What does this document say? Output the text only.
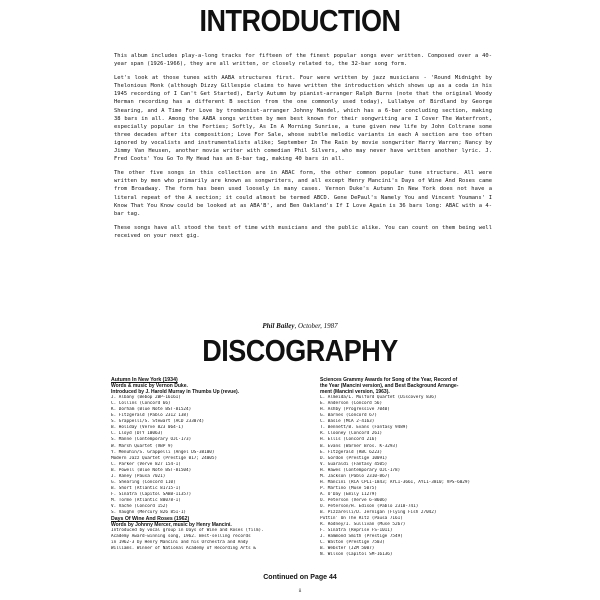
INTRODUCTION

This album includes play-a-long tracks for fifteen of the finest popular songs ever written. Composed over a 40-year span (1926-1966), they are all written, or closely related to, the 32-bar song form.

Let's look at those tunes with AABA structures first. Four were written by jazz musicians - 'Round Midnight by Thelonious Monk (although Dizzy Gillespie claims to have written the introduction which shows up as a coda in his 1945 recording of I Can't Get Started), Early Autumn by pianist-arranger Ralph Burns (note that the original Woody Herman recording has a different B section from the one commonly used today), Lullabye of Birdland by George Shearing, and A Time For Love by trombonist-arranger Johnny Mandel, which has a 6-bar concluding section, making 38 bars in all. Among the AABA songs written by men best known for their songwriting are I Cover The Waterfront, especially popular in the Forties; Softly, As In A Morning Sunrise, a tune given new life by John Coltrane some three decades after its composition; Love For Sale, whose subtle melodic variants in each A section are too often ignored by vocalists and instrumentalists alike; September In The Rain by movie songwriter Harry Warren; Nancy by Jimmy Van Heusen, another movie writer with comedian Phil Silvers, who may never have written another lyric. J. Fred Coots' You Go To My Head has an 8-bar tag, making 40 bars in all.

The other five songs in this collection are in ABAC form, the other common popular tune structure. All were written by men who primarily are known as songwriters, and all except Henry Mancini's Days of Wine And Roses came from Broadway. The form has been used loosely in many cases. Vernon Duke's Autumn In New York does not have a literal repeat of the A section; it could almost be termed ABCD. Gene DePaul's Namely You and Vincent Youmans' I Know That You Know could be looked at as ABA'B', and Ben Oakland's If I Love Again is 36 bars long: ABAC with a 4-bar tag.

These songs have all stood the test of time with musicians and the public alike. You can count on them being well received on your next gig.

Phil Bailey, October, 1987
DISCOGRAPHY
Autumn In New York (1934)
Words & music by Vernon Duke.
Introduced by J. Harold Murray in Thumbs Up (revue).
J. Albany (Bebop 2BP-16161)
C. Collins (Concord 66)
K. Dorham (Blue Note BST-81524)
E. Fitzgerald (Pablo 2312 138)
S. Grappelli/S. Stewart (ACD 233074)
B. Holiday (Verve 823 064-1)
C. Lloyd (DTY 10063)
S. Manne (Contemporary OJC-173)
W. Marsh Quartet (VBP 9)
Y. Menuhin/S. Grappelli (Angel DS-38100)
Modern Jazz Quartet (Prestige 017; 24005)
C. Parker (Verve 827 154-1)
B. Powell (Blue Note BST-81504)
J. Raney (Pausa 7021)
G. Shearing (Concord 110)
B. Short (Atlantic 81715-1)
F. Sinatra (Capitol SABB-11357)
M. Torme (Atlantic 80078-1)
V. Vache (Concord 152)
S. Vaughn (Mercury 826 851-1)
Days Of Wine And Roses (1962)
Words by Johnny Mercer, music by Henry Mancini.
Introduced by vocal group in Days of Wine and Roses (film).
Academy Award-winning song, 1962. Best-selling records
in 1962-3 by Henry Mancini and his Orchestra and Andy
Williams. Winner of National Academy of Recording Arts &
Sciences Grammy Awards for Song of the Year, Record of
the Year (Mancini version), and Best Background Arrange-
ment (Mancini version, 1963).
L. Almeida/L. Mulford Quartet (Discovery 836)
E. Anderson (Concord 56)
H. Ashby (Progressive 7040)
G. Barnes (Concord 67)
C. Basie (MCA 2-4163)
T. Bennett/B. Evans (Fantasy 9489)
R. Clooney (Concord 261)
H. Ellis (Concord 216)
B. Evans (Warner Bros. K-3293)
E. Fitzgerald (RBC 6223)
D. Gordon (Prestige 10091)
V. Guaraldi (Fantasy 4505)
H. Hawes (Contemporary OJC-178)
M. Jackson (Pablo 2310-867)
H. Mancini (RCA CPL1-1843; AYL1-3661, AYL1-3810; VPS-6029)
P. Martino (Muse 5075)
A. O'Day (Emily 11279)
O. Peterson (Verve 6-8606)
O. Peterson/H. Edison (Pablo 2310-741)
B. Pizzarelli/D. Jernigan (Flying Fish 27042)
Puttin' On The Ritz (Pausa 7161)
R. Rodney/I. Sullivan (Muse 5267)
F. Sinatra (Reprise FS-1011)
J. Hammond Smith (Prestige 7549)
C. Walton (Prestige 7503)
B. Webster (JZM 5007)
N. Wilson (Capitol SM-16136)
Continued on Page 44
ii
